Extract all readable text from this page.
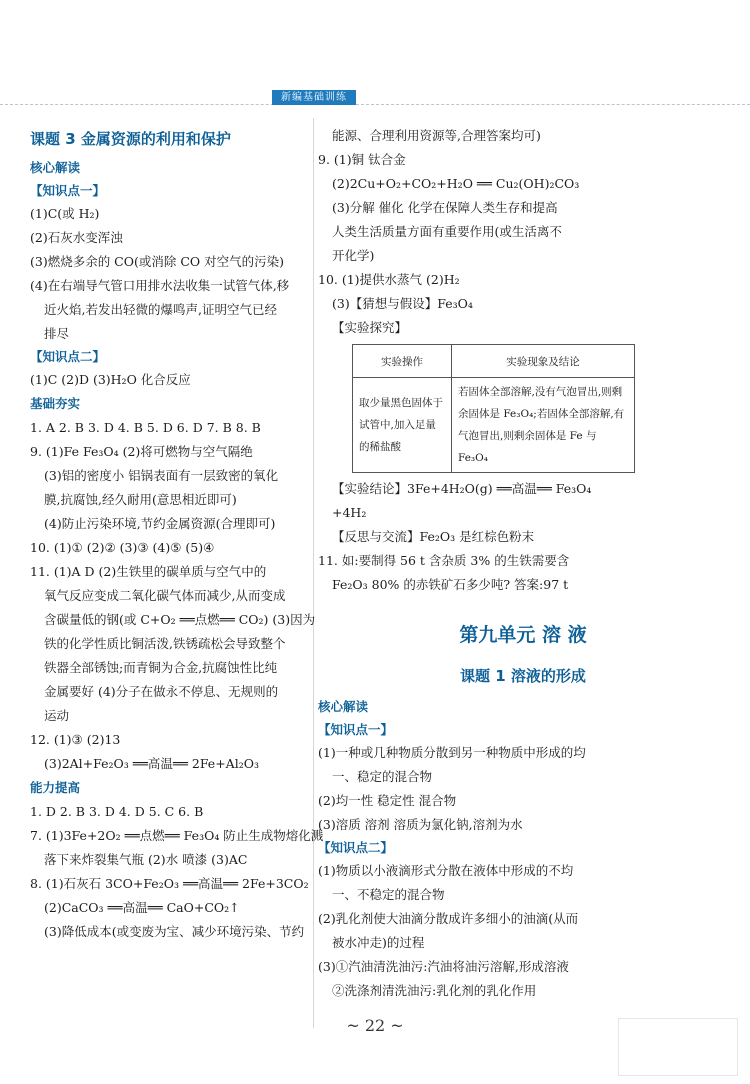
新编基础训练
课题 3 金属资源的利用和保护
核心解读
【知识点一】
(1)C(或 H₂)
(2)石灰水变浑浊
(3)燃烧多余的 CO(或消除 CO 对空气的污染)
(4)在右端导气管口用排水法收集一试管气体,移
近火焰,若发出轻微的爆鸣声,证明空气已经
排尽
【知识点二】
(1)C (2)D (3)H₂O 化合反应
基础夯实
1. A 2. B 3. D 4. B 5. D 6. D 7. B 8. B
9. (1)Fe Fe₃O₄ (2)将可燃物与空气隔绝
(3)铝的密度小 铝锅表面有一层致密的氧化
膜,抗腐蚀,经久耐用(意思相近即可)
(4)防止污染环境,节约金属资源(合理即可)
10. (1)① (2)② (3)③ (4)⑤ (5)④
11. (1)A D (2)生铁里的碳单质与空气中的
氧气反应变成二氧化碳气体而减少,从而变成
含碳量低的钢(或 C+O₂ ══点燃══ CO₂) (3)因为
铁的化学性质比铜活泼,铁锈疏松会导致整个
铁器全部锈蚀;而青铜为合金,抗腐蚀性比纯
金属要好 (4)分子在做永不停息、无规则的
运动
12. (1)③ (2)13
(3)2Al+Fe₂O₃ ══高温══ 2Fe+Al₂O₃
能力提高
1. D 2. B 3. D 4. D 5. C 6. B
7. (1)3Fe+2O₂ ══点燃══ Fe₃O₄ 防止生成物熔化溅
落下来炸裂集气瓶 (2)水 喷漆 (3)AC
8. (1)石灰石 3CO+Fe₂O₃ ══高温══ 2Fe+3CO₂
(2)CaCO₃ ══高温══ CaO+CO₂↑
(3)降低成本(或变废为宝、减少环境污染、节约
能源、合理利用资源等,合理答案均可)
9. (1)铜 钛合金
(2)2Cu+O₂+CO₂+H₂O ══ Cu₂(OH)₂CO₃
(3)分解 催化 化学在保障人类生存和提高
人类生活质量方面有重要作用(或生活离不
开化学)
10. (1)提供水蒸气 (2)H₂
(3)【猜想与假设】Fe₃O₄
【实验探究】
实验操作	实验现象及结论
取少量黑色固体于试管中,加入足量的稀盐酸	若固体全部溶解,没有气泡冒出,则剩余固体是 Fe₃O₄;若固体全部溶解,有气泡冒出,则剩余固体是 Fe 与 Fe₃O₄
【实验结论】3Fe+4H₂O(g) ══高温══ Fe₃O₄
+4H₂
【反思与交流】Fe₂O₃ 是红棕色粉末
11. 如:要制得 56 t 含杂质 3% 的生铁需要含
Fe₂O₃ 80% 的赤铁矿石多少吨? 答案:97 t
第九单元 溶 液
课题 1 溶液的形成
核心解读
【知识点一】
(1)一种或几种物质分散到另一种物质中形成的均
一、稳定的混合物
(2)均一性 稳定性 混合物
(3)溶质 溶剂 溶质为氯化钠,溶剂为水
【知识点二】
(1)物质以小液滴形式分散在液体中形成的不均
一、不稳定的混合物
(2)乳化剂使大油滴分散成许多细小的油滴(从而
被水冲走)的过程
(3)①汽油清洗油污:汽油将油污溶解,形成溶液
②洗涤剂清洗油污:乳化剂的乳化作用
~ 22 ~
